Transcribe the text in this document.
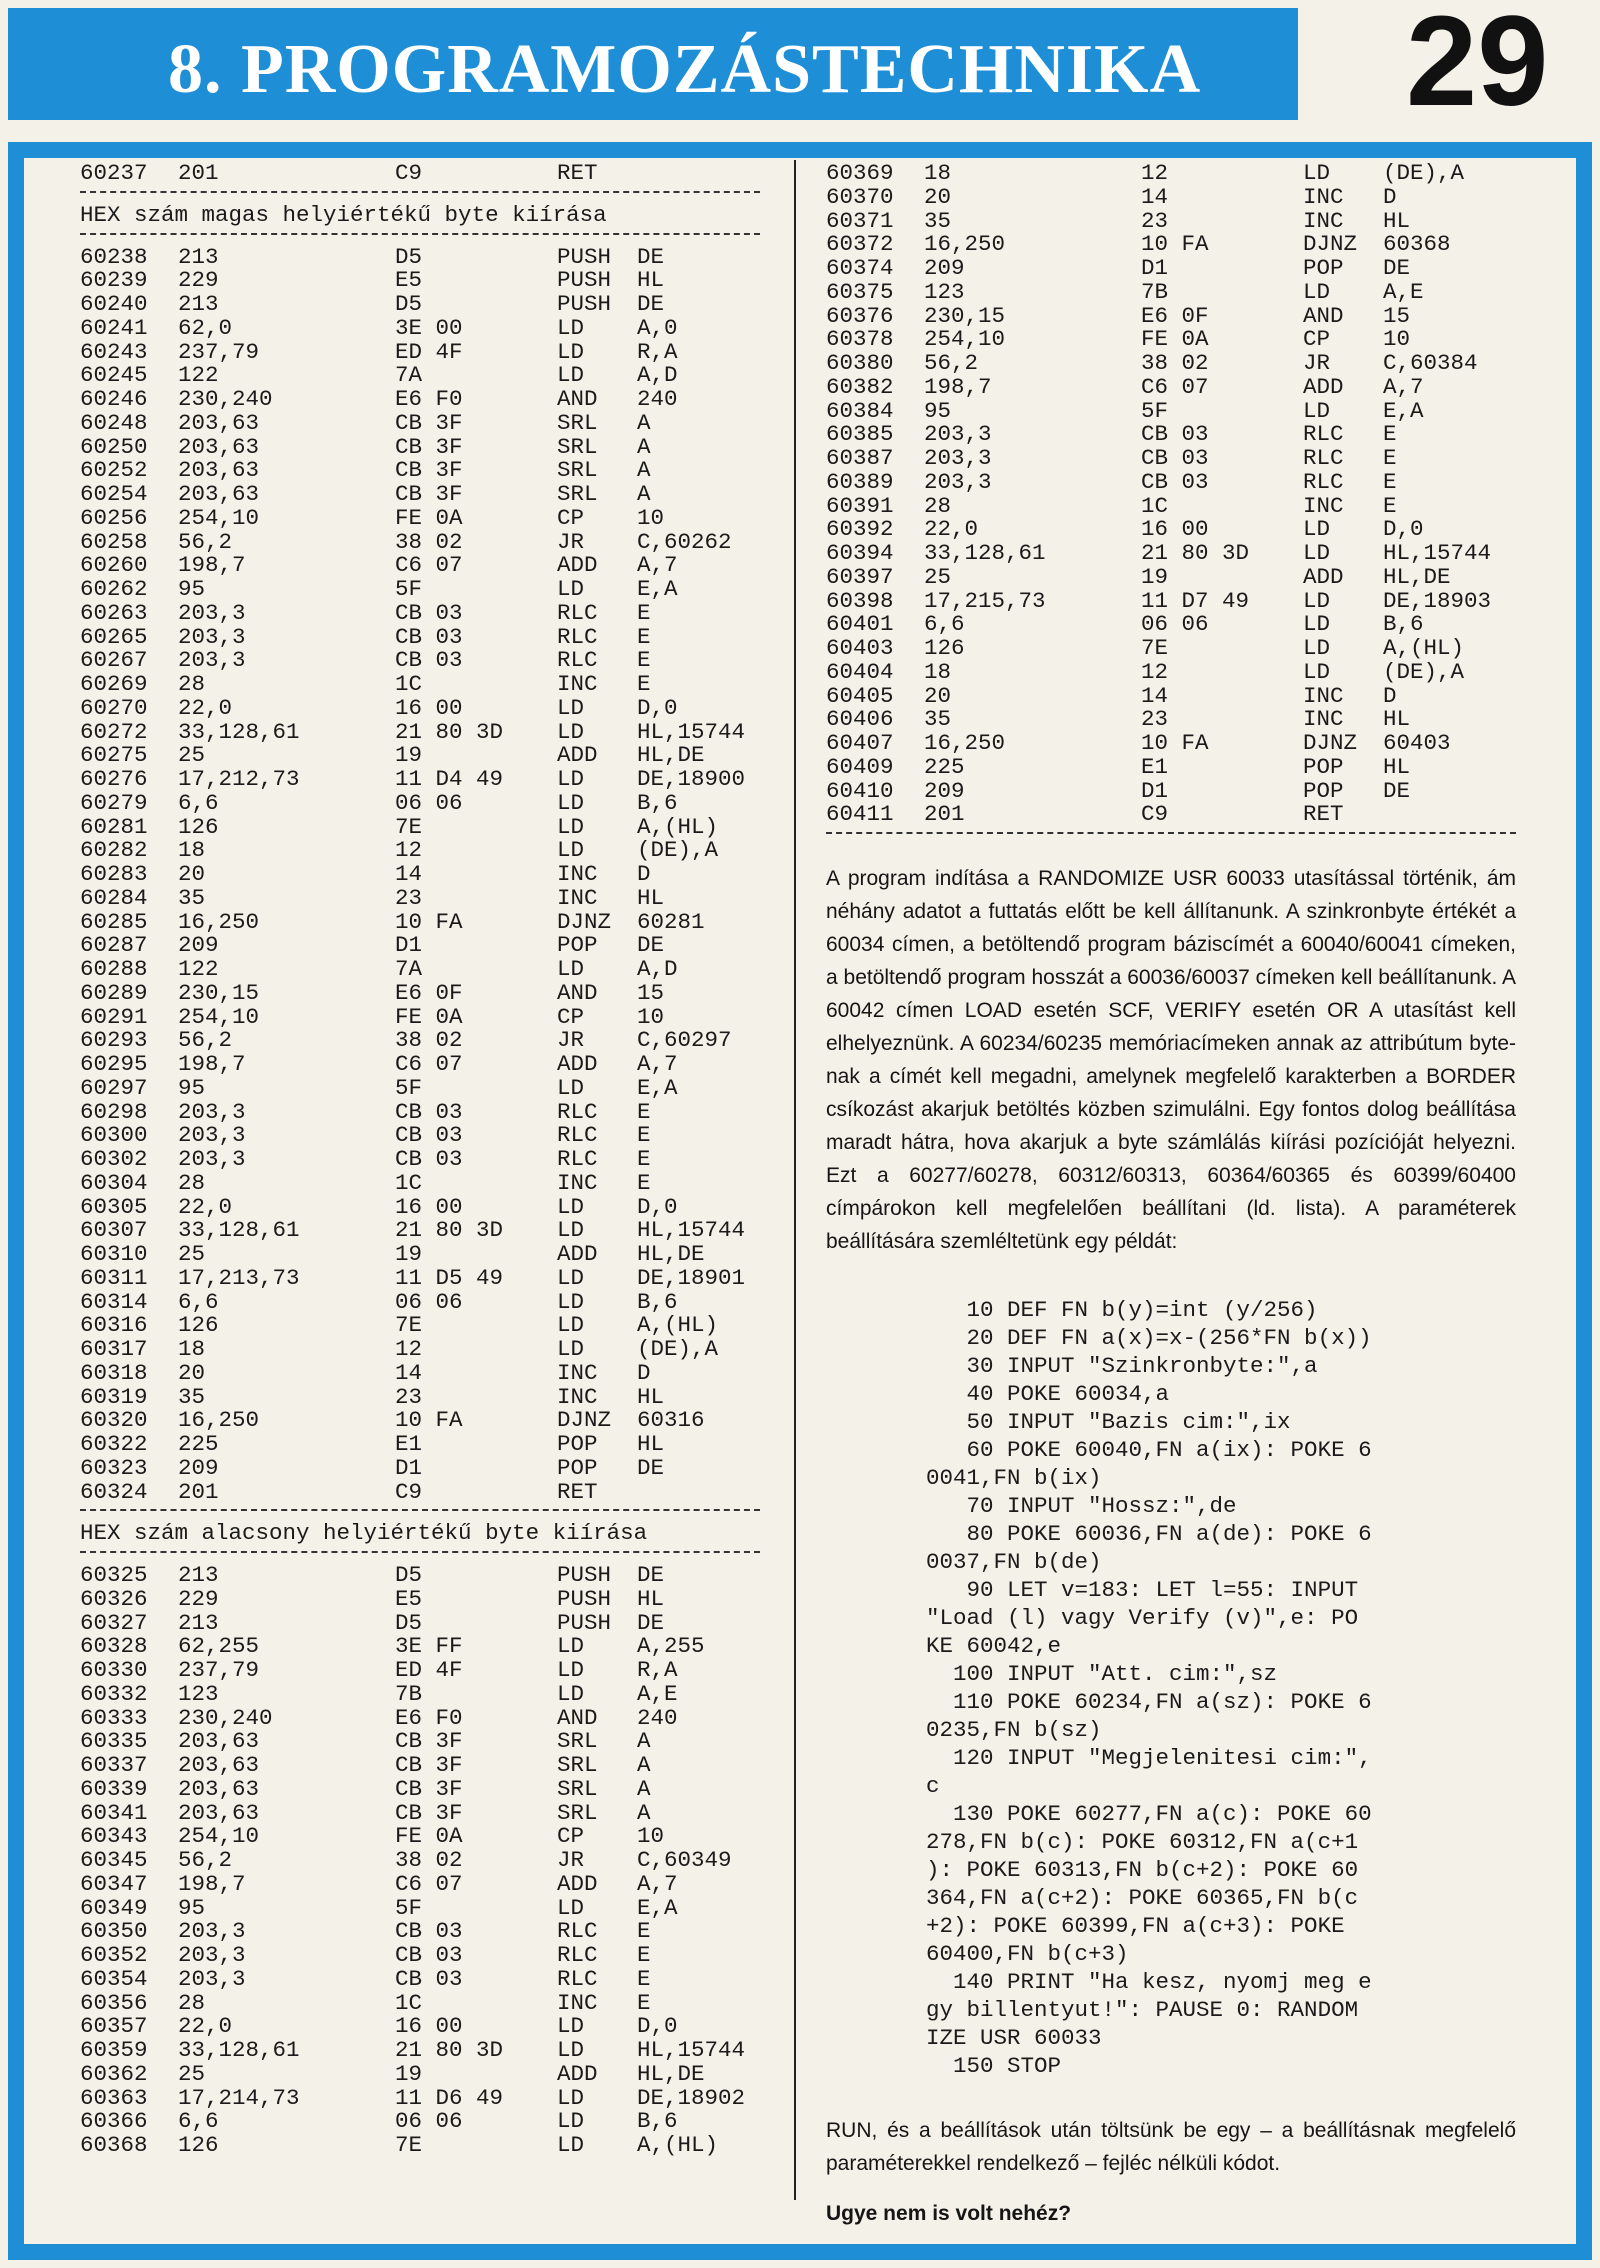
8. PROGRAMOZÁSTECHNIKA 29
60237 201	C9	RET
HEX szám magas helyiértékű byte kiírása
60238 213	D5	PUSH DE
60239 229	E5	PUSH HL
60240 213	D5	PUSH DE
60241 62,0	3E 00	LD A,0
60243 237,79	ED 4F	LD R,A
60245 122	7A	LD A,D
60246 230,240	E6 F0	AND 240
60248 203,63	CB 3F	SRL A
60250 203,63	CB 3F	SRL A
60252 203,63	CB 3F	SRL A
60254 203,63	CB 3F	SRL A
60256 254,10	FE 0A	CP 10
60258 56,2	38 02	JR C,60262
60260 198,7	C6 07	ADD A,7
60262 95	5F	LD E,A
60263 203,3	CB 03	RLC E
60265 203,3	CB 03	RLC E
60267 203,3	CB 03	RLC E
60269 28	1C	INC E
60270 22,0	16 00	LD D,0
60272 33,128,61	21 80 3D LD HL,15744
60275 25	19	ADD HL,DE
60276 17,212,73	11 D4 49 LD DE,18900
60279 6,6	06 06	LD B,6
60281 126	7E	LD A,(HL)
60282 18	12	LD (DE),A
60283 20	14	INC D
60284 35	23	INC HL
60285 16,250	10 FA	DJNZ 60281
60287 209	D1	POP DE
60288 122	7A	LD A,D
60289 230,15	E6 0F	AND 15
60291 254,10	FE 0A	CP 10
60293 56,2	38 02	JR C,60297
60295 198,7	C6 07	ADD A,7
60297 95	5F	LD E,A
60298 203,3	CB 03	RLC E
60300 203,3	CB 03	RLC E
60302 203,3	CB 03	RLC E
60304 28	1C	INC E
60305 22,0	16 00	LD D,0
60307 33,128,61	21 80 3D LD HL,15744
60310 25	19	ADD HL,DE
60311 17,213,73	11 D5 49 LD DE,18901
60314 6,6	06 06	LD B,6
60316 126	7E	LD A,(HL)
60317 18	12	LD (DE),A
60318 20	14	INC D
60319 35	23	INC HL
60320 16,250	10 FA	DJNZ 60316
60322 225	E1	POP HL
60323 209	D1	POP DE
60324 201	C9	RET
HEX szám alacsony helyiértékű byte kiírása
60325 213	D5	PUSH DE
60326 229	E5	PUSH HL
60327 213	D5	PUSH DE
60328 62,255	3E FF	LD A,255
60330 237,79	ED 4F	LD R,A
60332 123	7B	LD A,E
60333 230,240	E6 F0	AND 240
60335 203,63	CB 3F	SRL A
60337 203,63	CB 3F	SRL A
60339 203,63	CB 3F	SRL A
60341 203,63	CB 3F	SRL A
60343 254,10	FE 0A	CP 10
60345 56,2	38 02	JR C,60349
60347 198,7	C6 07	ADD A,7
60349 95	5F	LD E,A
60350 203,3	CB 03	RLC E
60352 203,3	CB 03	RLC E
60354 203,3	CB 03	RLC E
60356 28	1C	INC E
60357 22,0	16 00	LD D,0
60359 33,128,61	21 80 3D LD HL,15744
60362 25	19	ADD HL,DE
60363 17,214,73	11 D6 49 LD DE,18902
60366 6,6	06 06	LD B,6
60368 126	7E	LD A,(HL)
60369 18	12	LD (DE),A
60370 20	14	INC D
60371 35	23	INC HL
60372 16,250	10 FA	DJNZ 60368
60374 209	D1	POP DE
60375 123	7B	LD A,E
60376 230,15	E6 0F	AND 15
60378 254,10	FE 0A	CP 10
60380 56,2	38 02	JR C,60384
60382 198,7	C6 07	ADD A,7
60384 95	5F	LD E,A
60385 203,3	CB 03	RLC E
60387 203,3	CB 03	RLC E
60389 203,3	CB 03	RLC E
60391 28	1C	INC E
60392 22,0	16 00	LD D,0
60394 33,128,61	21 80 3D LD HL,15744
60397 25	19	ADD HL,DE
60398 17,215,73	11 D7 49 LD DE,18903
60401 6,6	06 06	LD B,6
60403 126	7E	LD A,(HL)
60404 18	12	LD (DE),A
60405 20	14	INC D
60406 35	23	INC HL
60407 16,250	10 FA	DJNZ 60403
60409 225	E1	POP HL
60410 209	D1	POP DE
60411 201	C9	RET

A program indítása a RANDOMIZE USR 60033 utasítással történik, ám néhány adatot a futtatás előtt be kell állítanunk. A szinkronbyte értékét a 60034 címen, a betöltendő program báziscímét a 60040/60041 címeken, a betöltendő program hosszát a 60036/60037 címeken kell beállítanunk. A 60042 címen LOAD esetén SCF, VERIFY esetén OR A utasítást kell elhelyeznünk. A 60234/60235 memóriacímeken annak az attribútum byte-nak a címét kell megadni, amelynek megfelelő karakterben a BORDER csíkozást akarjuk betöltés közben szimulálni. Egy fontos dolog beállítása maradt hátra, hova akarjuk a byte számlálás kiírási pozícióját helyezni. Ezt a 60277/60278, 60312/60313, 60364/60365 és 60399/60400 címpárokon kell megfelelően beállítani (ld. lista). A paraméterek beállítására szemléltetünk egy példát:

10 DEF FN b(y)=int (y/256)
20 DEF FN a(x)=x-(256*FN b(x))
30 INPUT "Szinkronbyte:",a
40 POKE 60034,a
50 INPUT "Bazis cim:",ix
60 POKE 60040,FN a(ix): POKE 6
0041,FN b(ix)
70 INPUT "Hossz:",de
80 POKE 60036,FN a(de): POKE 6
0037,FN b(de)
90 LET v=183: LET l=55: INPUT
"Load (l) vagy Verify (v)",e: PO
KE 60042,e
100 INPUT "Att. cim:",sz
110 POKE 60234,FN a(sz): POKE 6
0235,FN b(sz)
120 INPUT "Megjelenitesi cim:",
c
130 POKE 60277,FN a(c): POKE 60
278,FN b(c): POKE 60312,FN a(c+1
): POKE 60313,FN b(c+2): POKE 60
364,FN a(c+2): POKE 60365,FN b(c
+2): POKE 60399,FN a(c+3): POKE
60400,FN b(c+3)
140 PRINT "Ha kesz, nyomj meg e
gy billentyut!": PAUSE 0: RANDOM
IZE USR 60033
150 STOP

RUN, és a beállítások után töltsünk be egy – a beállításnak megfelelő paraméterekkel rendelkező – fejléc nélküli kódot.

Ugye nem is volt nehéz?
